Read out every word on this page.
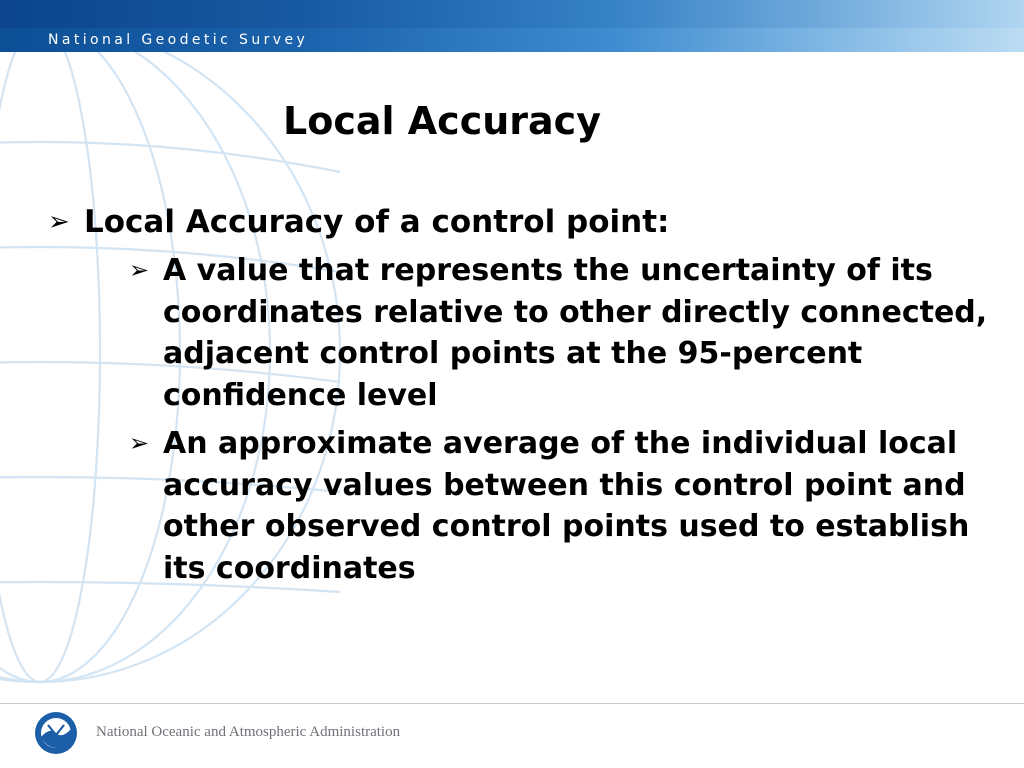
National Geodetic Survey
Local Accuracy
➢ Local Accuracy of a control point:
➢ A value that represents the uncertainty of its coordinates relative to other directly connected, adjacent control points at the 95-percent confidence level
➢ An approximate average of the individual local accuracy values between this control point and other observed control points used to establish its coordinates
National Oceanic and Atmospheric Administration
